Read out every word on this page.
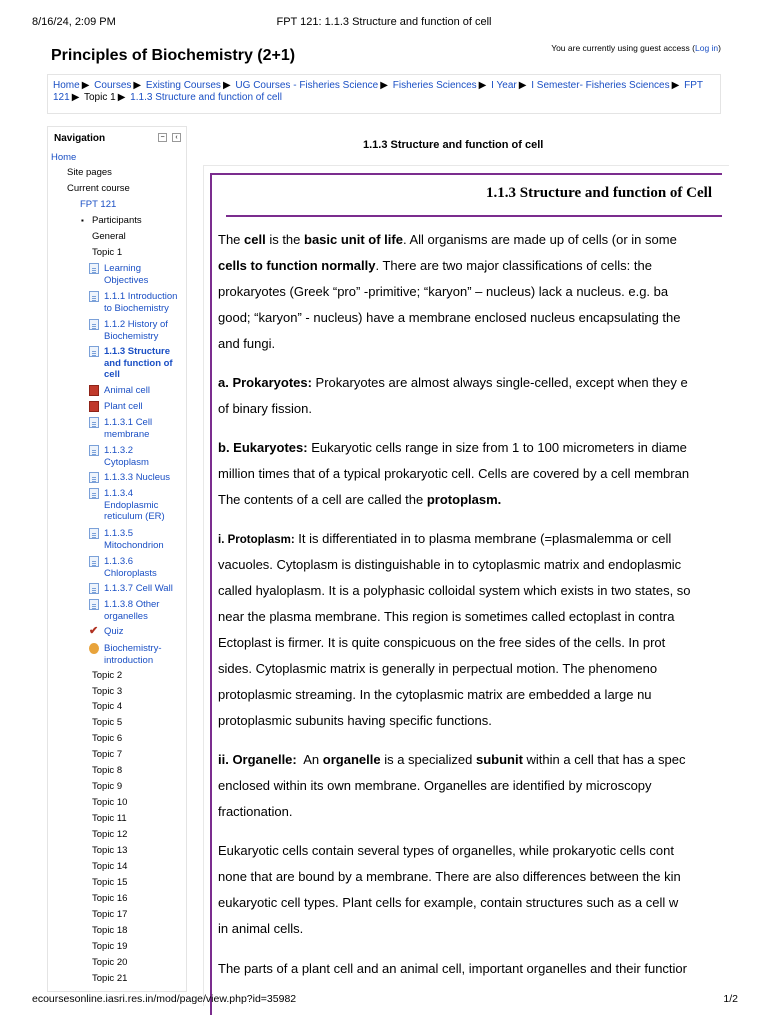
8/16/24, 2:09 PM	FPT 121: 1.1.3 Structure and function of cell
Principles of Biochemistry (2+1)	You are currently using guest access (Log in)
Home ▶ Courses ▶ Existing Courses ▶ UG Courses - Fisheries Science ▶ Fisheries Sciences ▶ I Year ▶ I Semester- Fisheries Sciences ▶ FPT 121 ▶ Topic 1 ▶ 1.1.3 Structure and function of cell
Navigation	−	‹
Home
Site pages
Current course
FPT 121
▪ Participants
General
Topic 1
Learning Objectives
1.1.1 Introduction to Biochemistry
1.1.2 History of Biochemistry
1.1.3 Structure and function of cell
Animal cell
Plant cell
1.1.3.1 Cell membrane
1.1.3.2 Cytoplasm
1.1.3.3 Nucleus
1.1.3.4 Endoplasmic reticulum (ER)
1.1.3.5 Mitochondrion
1.1.3.6 Chloroplasts
1.1.3.7 Cell Wall
1.1.3.8 Other organelles
✔ Quiz
Biochemistry-introduction
Topic 2
Topic 3
Topic 4
Topic 5
Topic 6
Topic 7
Topic 8
Topic 9
Topic 10
Topic 11
Topic 12
Topic 13
Topic 14
Topic 15
Topic 16
Topic 17
Topic 18
Topic 19
Topic 20
Topic 21
1.1.3 Structure and function of cell
1.1.3 Structure and function of Cell
The cell is the basic unit of life. All organisms are made up of cells (or in some
cells to function normally. There are two major classifications of cells: the
prokaryotes (Greek “pro” -primitive; “karyon” – nucleus) lack a nucleus. e.g. ba
good; “karyon” - nucleus) have a membrane enclosed nucleus encapsulating the
and fungi.
a. Prokaryotes: Prokaryotes are almost always single-celled, except when they e
of binary fission.
b. Eukaryotes: Eukaryotic cells range in size from 1 to 100 micrometers in diame
million times that of a typical prokaryotic cell. Cells are covered by a cell membran
The contents of a cell are called the protoplasm.
i. Protoplasm: It is differentiated in to plasma membrane (=plasmalemma or cell
vacuoles. Cytoplasm is distinguishable in to cytoplasmic matrix and endoplasmic
called hyaloplasm. It is a polyphasic colloidal system which exists in two states, so
near the plasma membrane. This region is sometimes called ectoplast in contra
Ectoplast is firmer. It is quite conspicuous on the free sides of the cells. In prot
sides. Cytoplasmic matrix is generally in perpectual motion. The phenomeno
protoplasmic streaming. In the cytoplasmic matrix are embedded a large nu
protoplasmic subunits having specific functions.
ii. Organelle:  An organelle is a specialized subunit within a cell that has a spec
enclosed within its own membrane. Organelles are identified by microscopy
fractionation.
Eukaryotic cells contain several types of organelles, while prokaryotic cells cont
none that are bound by a membrane. There are also differences between the kin
eukaryotic cell types. Plant cells for example, contain structures such as a cell w
in animal cells.
The parts of a plant cell and an animal cell, important organelles and their functior
ecoursesonline.iasri.res.in/mod/page/view.php?id=35982	1/2
